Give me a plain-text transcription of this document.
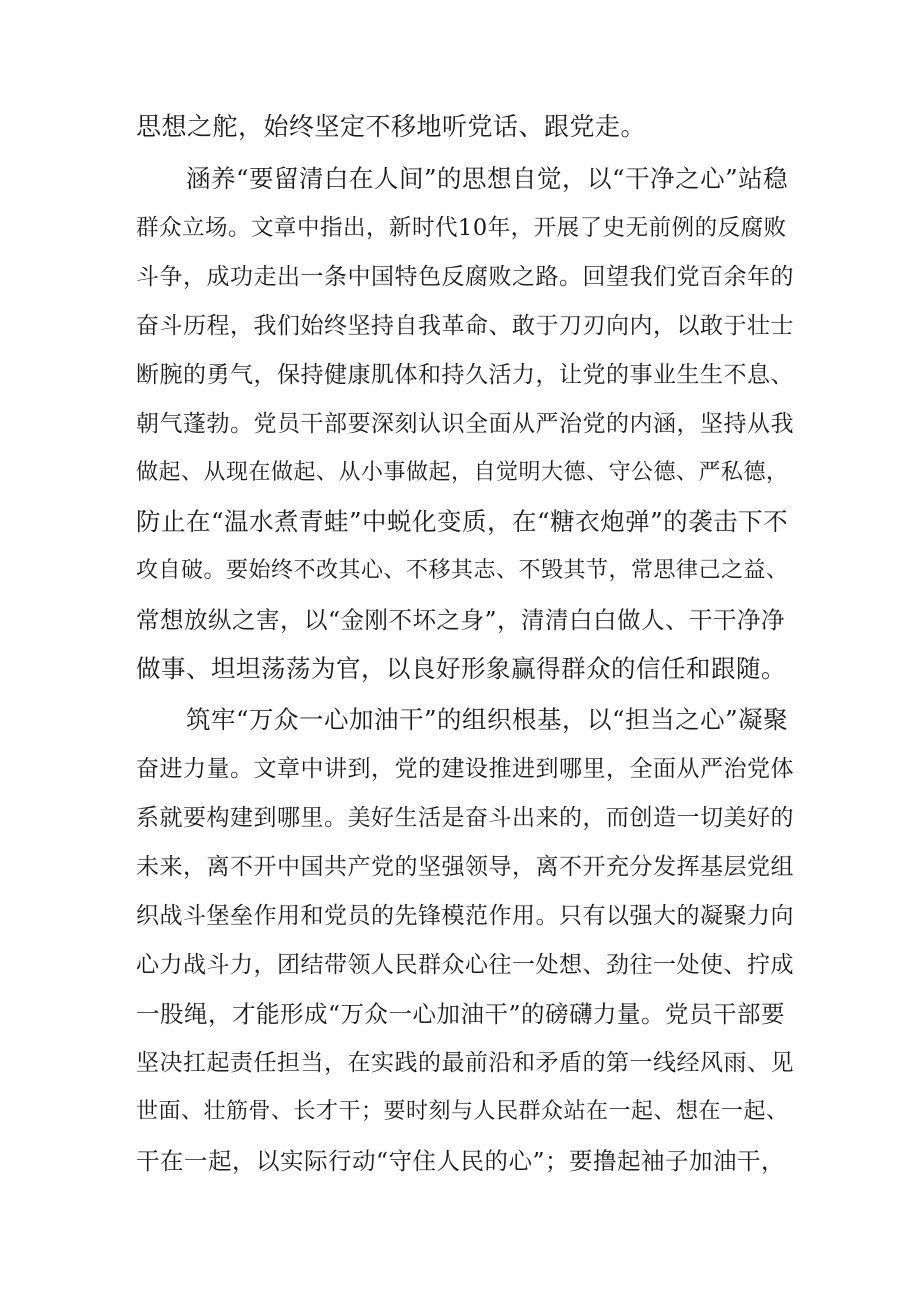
思想之舵，始终坚定不移地听党话、跟党走。
涵养“要留清白在人间”的思想自觉，以“干净之心”站稳
群众立场。文章中指出，新时代10年，开展了史无前例的反腐败
斗争，成功走出一条中国特色反腐败之路。回望我们党百余年的
奋斗历程，我们始终坚持自我革命、敢于刀刃向内，以敢于壮士
断腕的勇气，保持健康肌体和持久活力，让党的事业生生不息、
朝气蓬勃。党员干部要深刻认识全面从严治党的内涵，坚持从我
做起、从现在做起、从小事做起，自觉明大德、守公德、严私德，
防止在“温水煮青蛙”中蜕化变质，在“糖衣炮弹”的袭击下不
攻自破。要始终不改其心、不移其志、不毁其节，常思律己之益、
常想放纵之害，以“金刚不坏之身”，清清白白做人、干干净净
做事、坦坦荡荡为官，以良好形象赢得群众的信任和跟随。
筑牢“万众一心加油干”的组织根基，以“担当之心”凝聚
奋进力量。文章中讲到，党的建设推进到哪里，全面从严治党体
系就要构建到哪里。美好生活是奋斗出来的，而创造一切美好的
未来，离不开中国共产党的坚强领导，离不开充分发挥基层党组
织战斗堡垒作用和党员的先锋模范作用。只有以强大的凝聚力向
心力战斗力，团结带领人民群众心往一处想、劲往一处使、拧成
一股绳，才能形成“万众一心加油干”的磅礴力量。党员干部要
坚决扛起责任担当，在实践的最前沿和矛盾的第一线经风雨、见
世面、壮筋骨、长才干；要时刻与人民群众站在一起、想在一起、
干在一起，以实际行动“守住人民的心”；要撸起袖子加油干，
